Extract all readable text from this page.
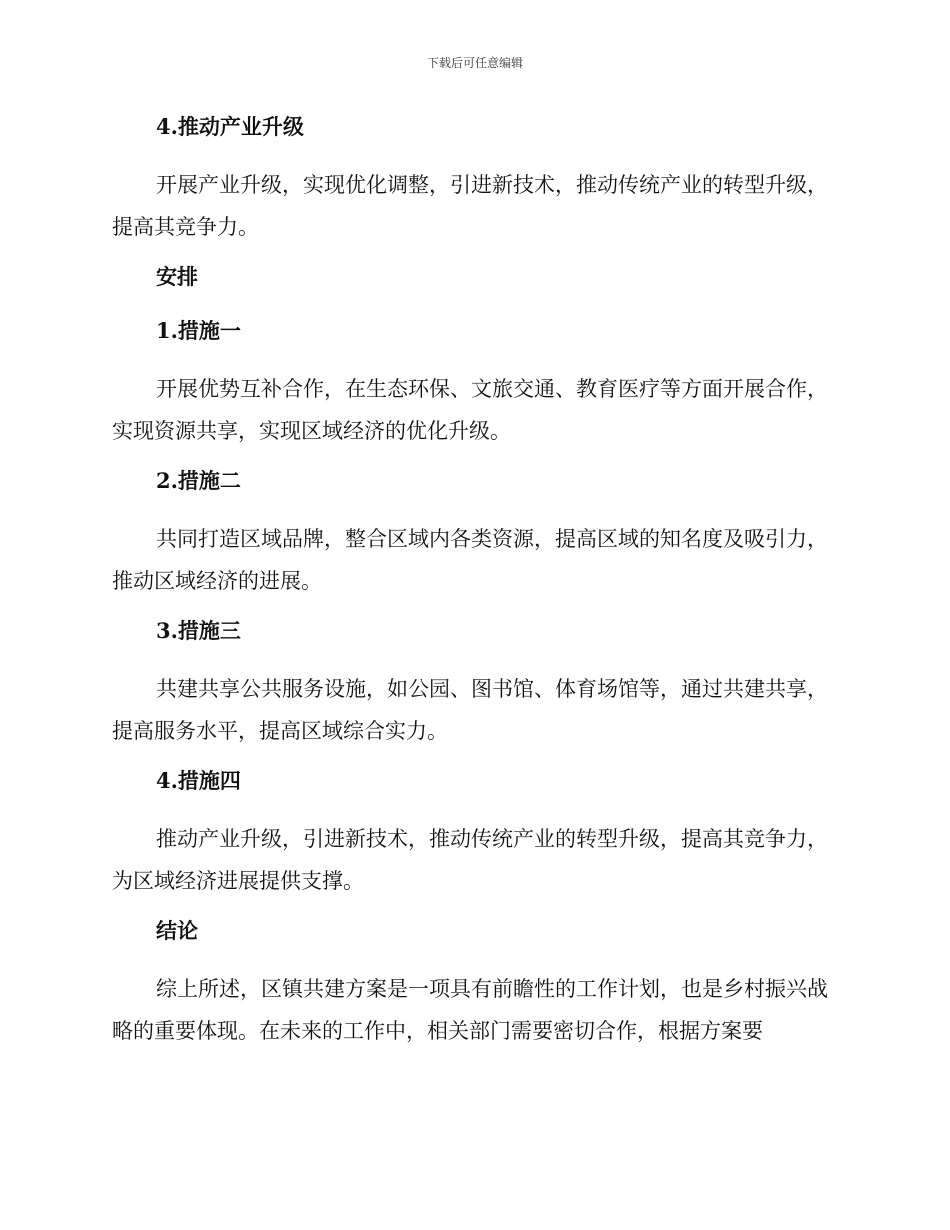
下载后可任意编辑
4.推动产业升级

开展产业升级，实现优化调整，引进新技术，推动传统产业的转型升级，提高其竞争力。

安排
1.措施一

开展优势互补合作，在生态环保、文旅交通、教育医疗等方面开展合作，实现资源共享，实现区域经济的优化升级。

2.措施二

共同打造区域品牌，整合区域内各类资源，提高区域的知名度及吸引力，推动区域经济的进展。

3.措施三

共建共享公共服务设施，如公园、图书馆、体育场馆等，通过共建共享，提高服务水平，提高区域综合实力。

4.措施四

推动产业升级，引进新技术，推动传统产业的转型升级，提高其竞争力，为区域经济进展提供支撑。

结论

综上所述，区镇共建方案是一项具有前瞻性的工作计划，也是乡村振兴战略的重要体现。在未来的工作中，相关部门需要密切合作，根据方案要
